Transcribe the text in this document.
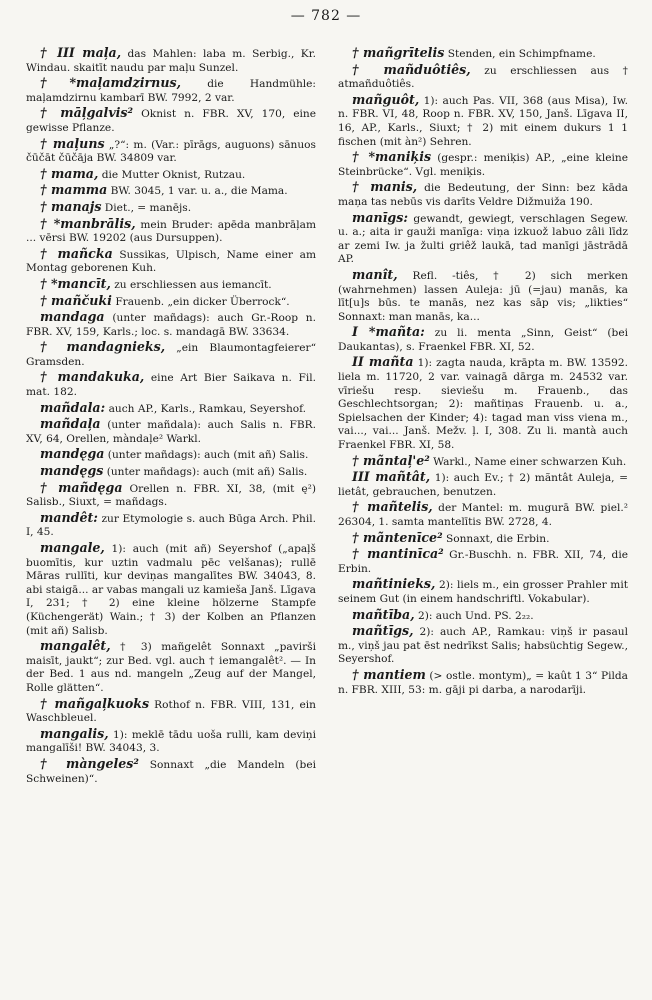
— 782 —

† III maļa, das Mahlen: laba m. Serbig., Kr. Windau. skaitīt naudu par maļu Sunzel.

†*maļamdzirnus, die Handmühle: maļamdzirnu kambarī BW. 7992, 2 var.

† māļgalvis² Oknist n. FBR. XV, 170, eine gewisse Pflanze.

† maļuns „?“: m. (Var.: pīrāgs, auguons) sānuos čūčāt čūčāja BW. 34809 var.

† mama, die Mutter Oknist, Rutzau.

† mamma BW. 3045, 1 var. u. a., die Mama.

† manajs Diet., = manējs.

† *manbrālis, mein Bruder: apēda manbrāļam ... vērsi BW. 19202 (aus Dursuppen).

† mañcka Sussikas, Ulpisch, Name einer am Montag geborenen Kuh.

† *mancīt, zu erschliessen aus iemancīt.

† mañčuki Frauenb. „ein dicker Überrock“.

mandaga (unter mañdags): auch Gr.-Roop n. FBR. XV, 159, Karls.; loc. s. mandagā BW. 33634.

† mandagnieks, „ein Blaumontagfeierer“ Gramsden.

† mandakuka, eine Art Bier Saikava n. Fil. mat. 182.

mañdala: auch AP., Karls., Ramkau, Seyershof.

mañdaļa (unter mañdala): auch Salis n. FBR. XV, 64, Orellen, màndaļe² Warkl.

mandęga (unter mañdags): auch (mit añ) Salis.

mandęgs (unter mañdags): auch (mit añ) Salis.

† mañdęga Orellen n. FBR. XI, 38, (mit ę²) Salisb., Siuxt, = mañdags.

mandêt: zur Etymologie s. auch Būga Arch. Phil. I, 45.

mangale, 1): auch (mit añ) Seyershof („apaļš buomītis, kur uztin vadmalu pēc velšanas); rullē Māras rullīti, kur deviņas mangalītes BW. 34043, 8. abi staigā... ar vabas mangali uz kamieša Janš. Līgava I, 231; † 2) eine kleine hölzerne Stampfe (Küchengerät) Wain.; † 3) der Kolben an Pflanzen (mit añ) Salisb.

mangalêt, † 3) mañgelêt Sonnaxt „pavirši maisīt, jaukt“; zur Bed. vgl. auch † iemangalêt². — In der Bed. 1 aus nd. mangeln „Zeug auf der Mangel, Rolle glätten“.

† mañgaļkuoks Rothof n. FBR. VIII, 131, ein Waschbleuel.

mangalis, 1): meklē tādu uoša rulli, kam deviņi mangalīši! BW. 34043, 3.

† màngeles² Sonnaxt „die Mandeln (bei Schweinen)“.

† mañgrītelis Stenden, ein Schimpfname.

† mañduôtiês, zu erschliessen aus † atmañduôtiês.

mañguôt, 1): auch Pas. VII, 368 (aus Misa), Iw. n. FBR. VI, 48, Roop n. FBR. XV, 150, Janš. Līgava II, 16, AP., Karls., Siuxt; † 2) mit einem dukurs 1 1 fischen (mit àn²) Sehren.

† *maniķis (gespr.: meniķis) AP., „eine kleine Steinbrücke“. Vgl. meniķis.

† manis, die Bedeutung, der Sinn: bez kāda maņa tas nebūs vis darīts Veldre Dižmuiža 190.

manīgs: gewandt, gewiegt, verschlagen Segew. u. a.; aita ir gauži manīga: viņa izkuož labuo zâli līdz ar zemi Iw. ja žulti griêž laukā, tad manīgi jāstrādā AP.

manît, Refl. -tiês, † 2) sich merken (wahrnehmen) lassen Auleja: jū (=jau) manās, ka līt[u]s būs. te manās, nez kas sāp vis; „likties“ Sonnaxt: man manās, ka...

I *mañta: zu li. menta „Sinn, Geist“ (bei Daukantas), s. Fraenkel FBR. XI, 52.

II mañta 1): zagta nauda, krāpta m. BW. 13592. liela m. 11720, 2 var. vainagā dārga m. 24532 var. vīriešu resp. sieviešu m. Frauenb., das Geschlechtsorgan; 2): mañtiņas Frauenb. u. a., Spielsachen der Kinder; 4): tagad man viss viena m., vai..., vai... Janš. Mežv. ļ. I, 308. Zu li. mantà auch Fraenkel FBR. XI, 58.

† mãntaļ'e² Warkl., Name einer schwarzen Kuh.

III mañtât, 1): auch Ev.; † 2) mãntât Auleja, = lietât, gebrauchen, benutzen.

† mañtelis, der Mantel: m. mugurā BW. piel.² 26304, 1. samta mantelītis BW. 2728, 4.

† mãntenīce² Sonnaxt, die Erbin.

† mantinīca² Gr.-Buschh. n. FBR. XII, 74, die Erbin.

mañtinieks, 2): liels m., ein grosser Prahler mit seinem Gut (in einem handschriftl. Vokabular).

mañtība, 2): auch Und. PS. 2₂₂.

mañtīgs, 2): auch AP., Ramkau: viņš ir pasaul m., viņš jau pat ēst nedrīkst Salis; habsüchtig Segew., Seyershof.

† mantiem (> ostle. montym)„ = kaût 1 3“ Pilda n. FBR. XIII, 53: m. gāji pi darba, a narodarīji.
